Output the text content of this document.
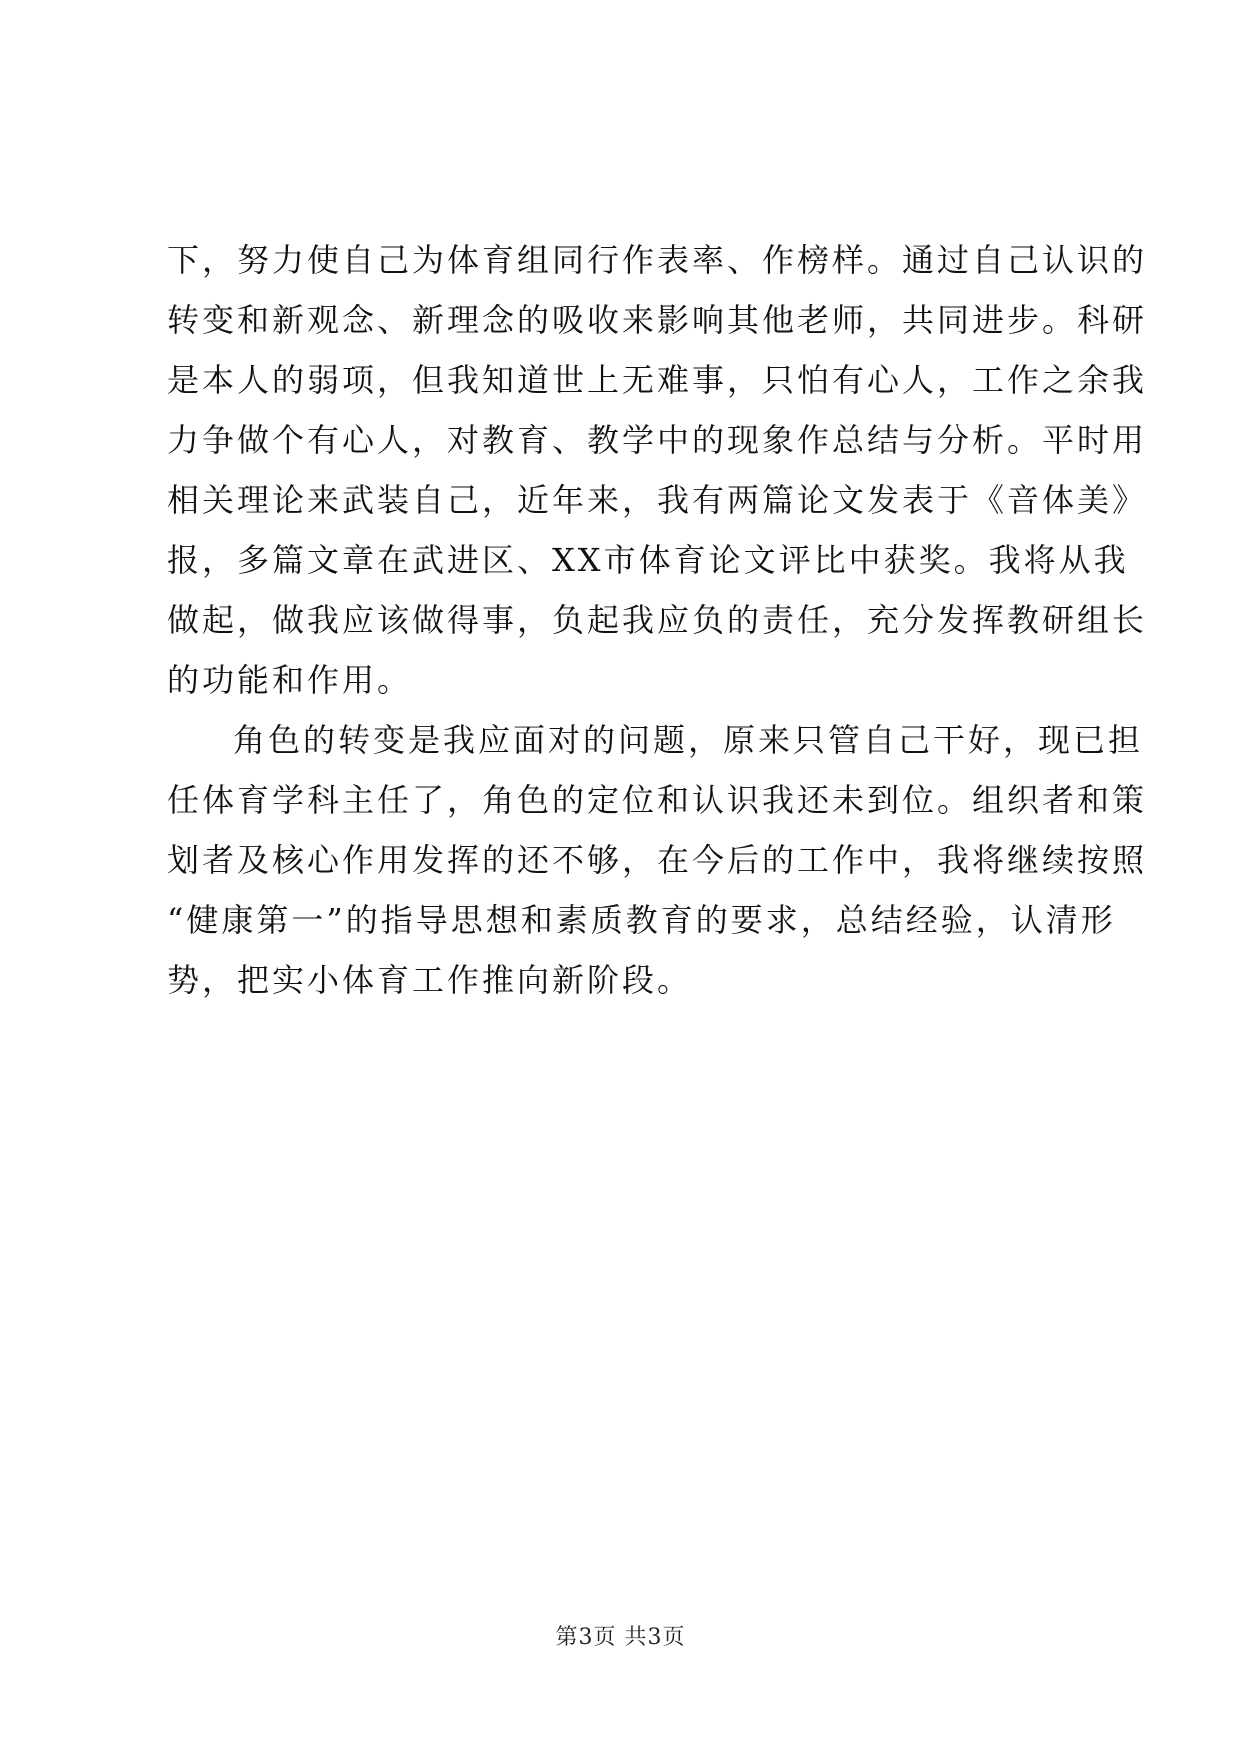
下，努力使自己为体育组同行作表率、作榜样。通过自己认识的
转变和新观念、新理念的吸收来影响其他老师，共同进步。科研
是本人的弱项，但我知道世上无难事，只怕有心人，工作之余我
力争做个有心人，对教育、教学中的现象作总结与分析。平时用
相关理论来武装自己，近年来，我有两篇论文发表于《音体美》
报，多篇文章在武进区、XX市体育论文评比中获奖。我将从我
做起，做我应该做得事，负起我应负的责任，充分发挥教研组长
的功能和作用。
角色的转变是我应面对的问题，原来只管自己干好，现已担
任体育学科主任了，角色的定位和认识我还未到位。组织者和策
划者及核心作用发挥的还不够，在今后的工作中，我将继续按照
“健康第一”的指导思想和素质教育的要求，总结经验，认清形
势，把实小体育工作推向新阶段。
第3页 共3页
